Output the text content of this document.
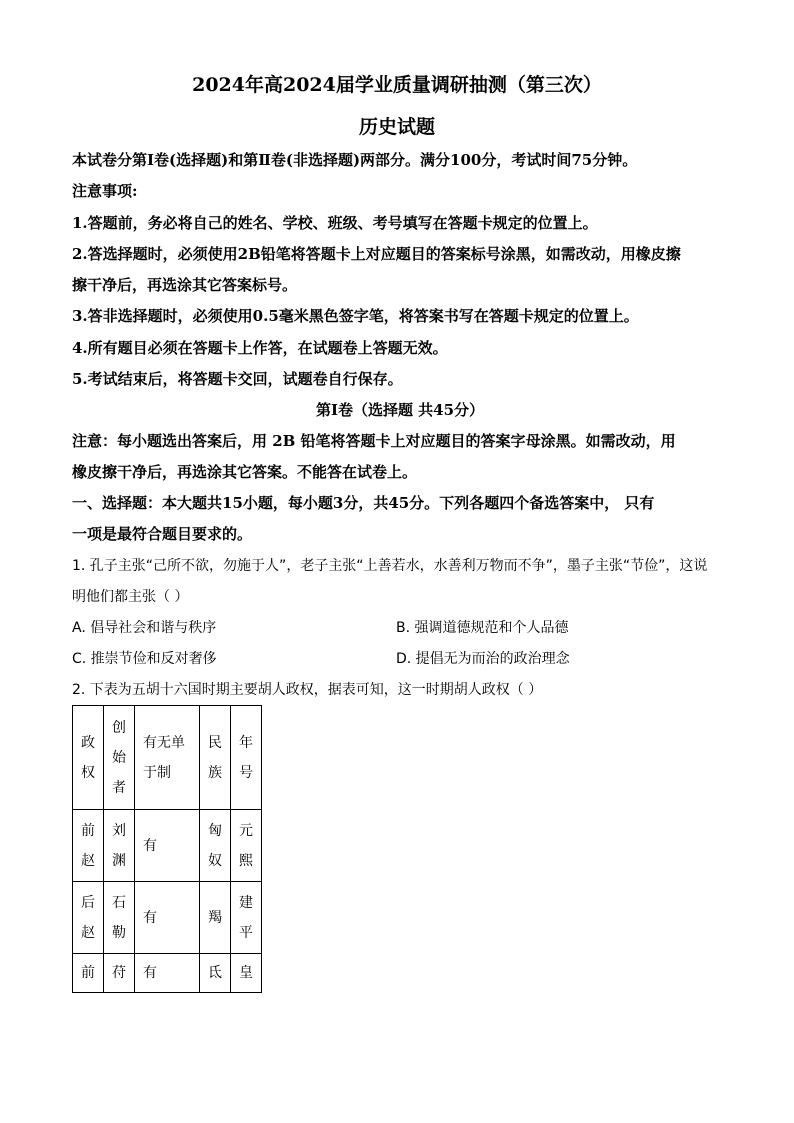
2024年高2024届学业质量调研抽测（第三次）
历史试题
本试卷分第Ⅰ卷(选择题)和第Ⅱ卷(非选择题)两部分。满分100分，考试时间75分钟。
注意事项:
1.答题前，务必将自己的姓名、学校、班级、考号填写在答题卡规定的位置上。
2.答选择题时，必须使用2B铅笔将答题卡上对应题目的答案标号涂黑，如需改动，用橡皮擦
擦干净后，再选涂其它答案标号。
3.答非选择题时，必须使用0.5毫米黑色签字笔，将答案书写在答题卡规定的位置上。
4.所有题目必须在答题卡上作答，在试题卷上答题无效。
5.考试结束后，将答题卡交回，试题卷自行保存。
第Ⅰ卷（选择题 共45分）
注意：每小题选出答案后，用 2B 铅笔将答题卡上对应题目的答案字母涂黑。如需改动，用
橡皮擦干净后，再选涂其它答案。不能答在试卷上。
一、选择题：本大题共15小题，每小题3分，共45分。下列各题四个备选答案中， 只有
一项是最符合题目要求的。
1. 孔子主张“己所不欲，勿施于人”，老子主张“上善若水，水善利万物而不争”，墨子主张“节俭”，这说
明他们都主张（ ）
A. 倡导社会和谐与秩序	B. 强调道德规范和个人品德
C. 推崇节俭和反对奢侈	D. 提倡无为而治的政治理念
2. 下表为五胡十六国时期主要胡人政权，据表可知，这一时期胡人政权（ ）
政权	创始者	有无单于制	民族	年号

前赵	刘渊	有	匈奴	元熙

后赵	石勒	有	羯	建平

前	苻	有	氐	皇
